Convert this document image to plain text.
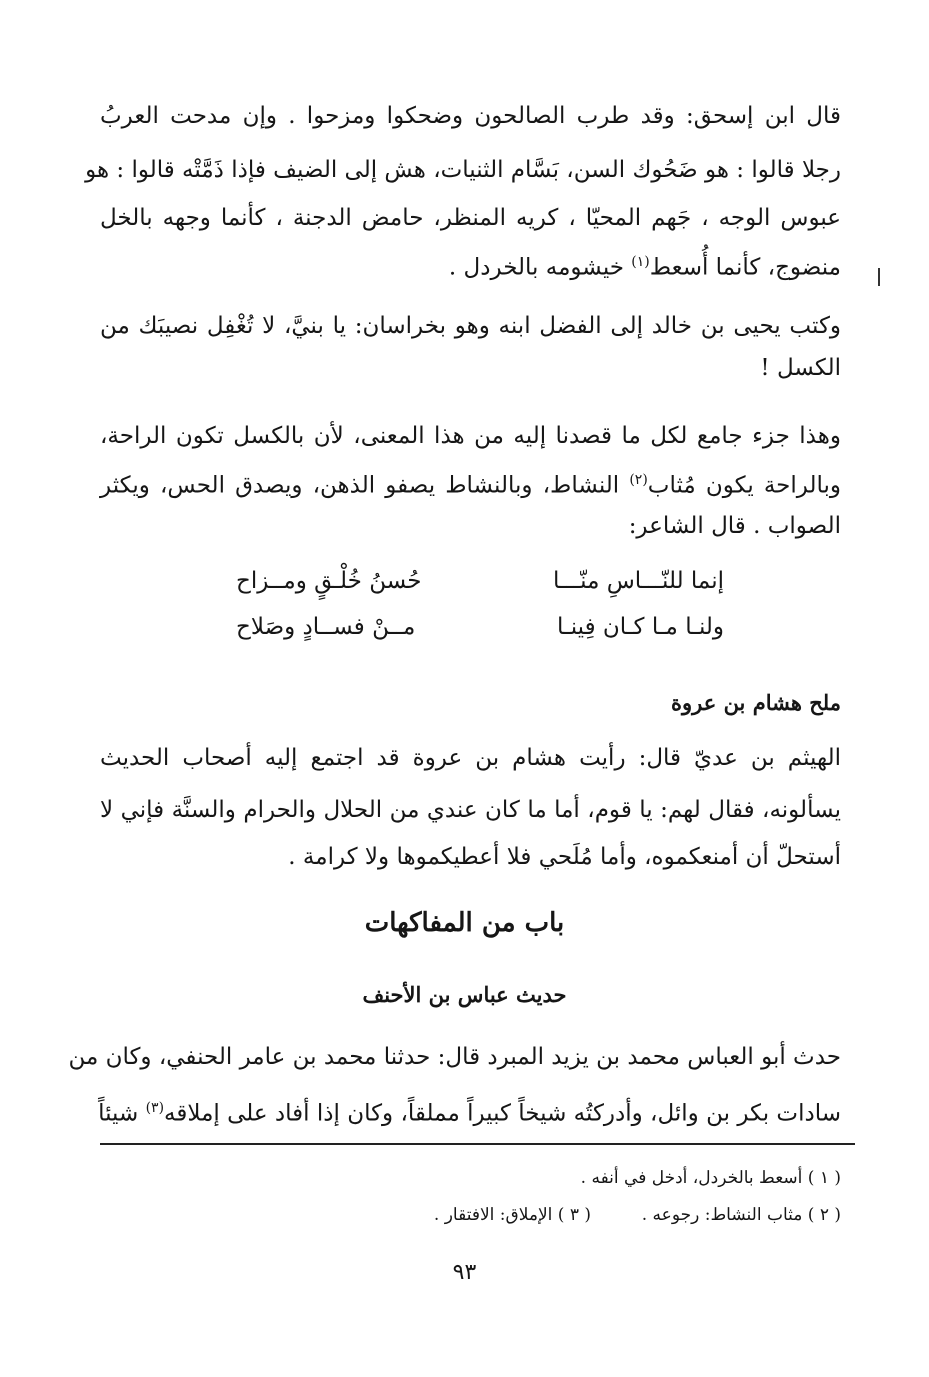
قال ابن إسحق: وقد طرب الصالحون وضحكوا ومزحوا . وإن مدحت العربُ
رجلا قالوا : هو ضَحُوك السن، بَسَّام الثنيات، هش إلى الضيف فإذا ذَمَّتْه قالوا : هو
عبوس الوجه ، جَهم المحيّا ، كريه المنظر، حامض الدجنة ، كأنما وجهه بالخل
منضوج، كأنما أُسعط$^{(١)}$ خيشومه بالخردل .
وكتب يحيى بن خالد إلى الفضل ابنه وهو بخراسان: يا بنيَّ، لا تُغْفِل نصيبَك من
الكسل !
وهذا جزء جامع لكل ما قصدنا إليه من هذا المعنى، لأن بالكسل تكون الراحة،
وبالراحة يكون مُثاب$^{(٢)}$ النشاط، وبالنشاط يصفو الذهن، ويصدق الحس، ويكثر
الصواب . قال الشاعر:
إنما للنّـــاسِ منّـــا
حُسنُ خُلْـقٍ ومــزاح
ولنـا مـا كـان فِينـا
مــنْ فســادٍ وصَلاح
ملح هشام بن عروة
الهيثم بن عديّ قال: رأيت هشام بن عروة قد اجتمع إليه أصحاب الحديث
يسألونه، فقال لهم: يا قوم، أما ما كان عندي من الحلال والحرام والسنَّة فإني لا
أستحلّ أن أمنعكموه، وأما مُلَحي فلا أعطيكموها ولا كرامة .
باب من المفاكهات
حديث عباس بن الأحنف
حدث أبو العباس محمد بن يزيد المبرد قال: حدثنا محمد بن عامر الحنفي، وكان من
سادات بكر بن وائل، وأدركتُه شيخاً كبيراً مملقاً، وكان إذا أفاد على إملاقه$^{(٣)}$ شيئاً
( ١ ) أسعط بالخردل، أدخل في أنفه .
( ٢ ) مثاب النشاط: رجوعه .
( ٣ ) الإملاق: الافتقار .
٩٣
